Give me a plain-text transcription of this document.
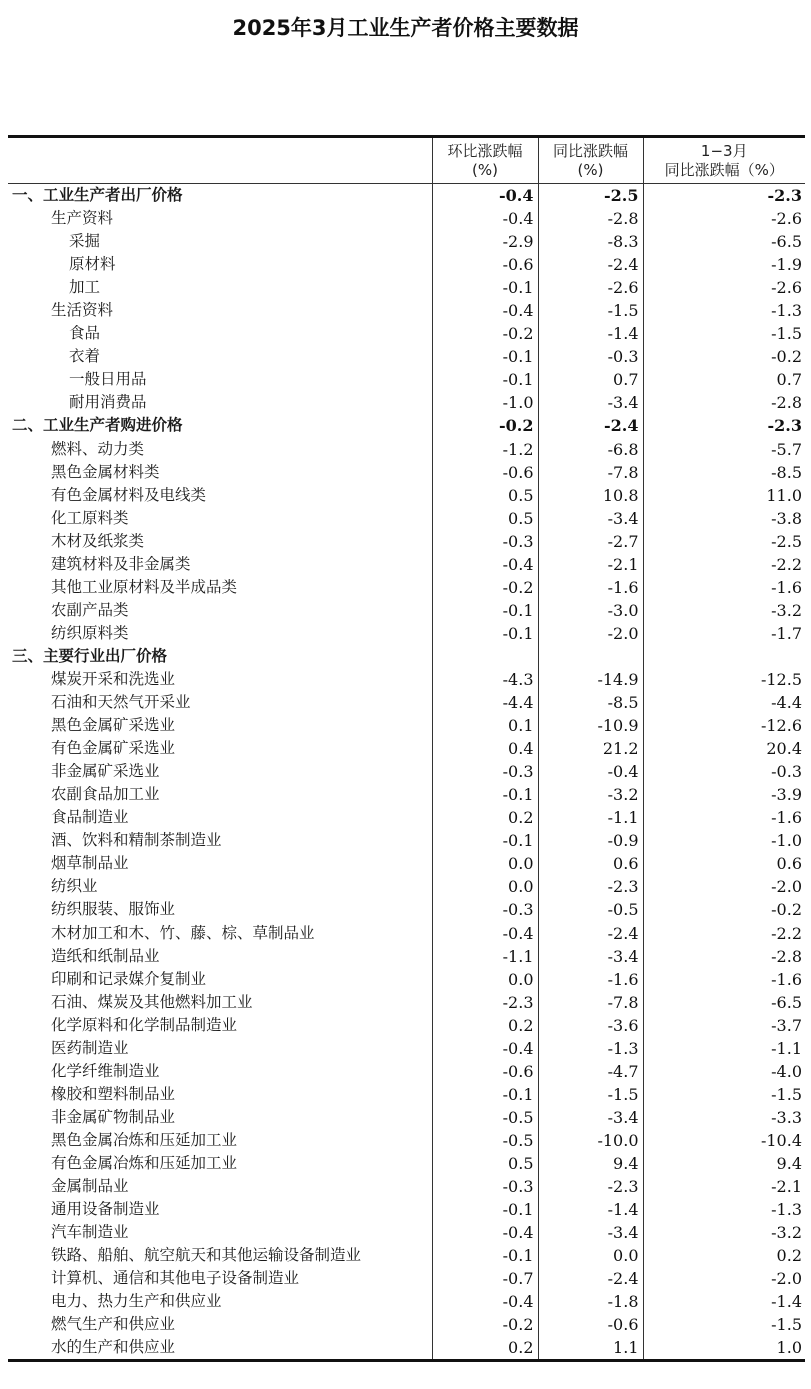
2025年3月工业生产者价格主要数据

环比涨跌幅
(%)

同比涨跌幅
(%)

1−3月
同比涨跌幅（%）

一、工业生产者出厂价格	-0.4	-2.5	-2.3
生产资料	-0.4	-2.8	-2.6
采掘	-2.9	-8.3	-6.5
原材料	-0.6	-2.4	-1.9
加工	-0.1	-2.6	-2.6
生活资料	-0.4	-1.5	-1.3
食品	-0.2	-1.4	-1.5
衣着	-0.1	-0.3	-0.2
一般日用品	-0.1	0.7	0.7
耐用消费品	-1.0	-3.4	-2.8
二、工业生产者购进价格	-0.2	-2.4	-2.3
燃料、动力类	-1.2	-6.8	-5.7
黑色金属材料类	-0.6	-7.8	-8.5
有色金属材料及电线类	0.5	10.8	11.0
化工原料类	0.5	-3.4	-3.8
木材及纸浆类	-0.3	-2.7	-2.5
建筑材料及非金属类	-0.4	-2.1	-2.2
其他工业原材料及半成品类	-0.2	-1.6	-1.6
农副产品类	-0.1	-3.0	-3.2
纺织原料类	-0.1	-2.0	-1.7
三、主要行业出厂价格			
煤炭开采和洗选业	-4.3	-14.9	-12.5
石油和天然气开采业	-4.4	-8.5	-4.4
黑色金属矿采选业	0.1	-10.9	-12.6
有色金属矿采选业	0.4	21.2	20.4
非金属矿采选业	-0.3	-0.4	-0.3
农副食品加工业	-0.1	-3.2	-3.9
食品制造业	0.2	-1.1	-1.6
酒、饮料和精制茶制造业	-0.1	-0.9	-1.0
烟草制品业	0.0	0.6	0.6
纺织业	0.0	-2.3	-2.0
纺织服装、服饰业	-0.3	-0.5	-0.2
木材加工和木、竹、藤、棕、草制品业	-0.4	-2.4	-2.2
造纸和纸制品业	-1.1	-3.4	-2.8
印刷和记录媒介复制业	0.0	-1.6	-1.6
石油、煤炭及其他燃料加工业	-2.3	-7.8	-6.5
化学原料和化学制品制造业	0.2	-3.6	-3.7
医药制造业	-0.4	-1.3	-1.1
化学纤维制造业	-0.6	-4.7	-4.0
橡胶和塑料制品业	-0.1	-1.5	-1.5
非金属矿物制品业	-0.5	-3.4	-3.3
黑色金属冶炼和压延加工业	-0.5	-10.0	-10.4
有色金属冶炼和压延加工业	0.5	9.4	9.4
金属制品业	-0.3	-2.3	-2.1
通用设备制造业	-0.1	-1.4	-1.3
汽车制造业	-0.4	-3.4	-3.2
铁路、船舶、航空航天和其他运输设备制造业	-0.1	0.0	0.2
计算机、通信和其他电子设备制造业	-0.7	-2.4	-2.0
电力、热力生产和供应业	-0.4	-1.8	-1.4
燃气生产和供应业	-0.2	-0.6	-1.5
水的生产和供应业	0.2	1.1	1.0
